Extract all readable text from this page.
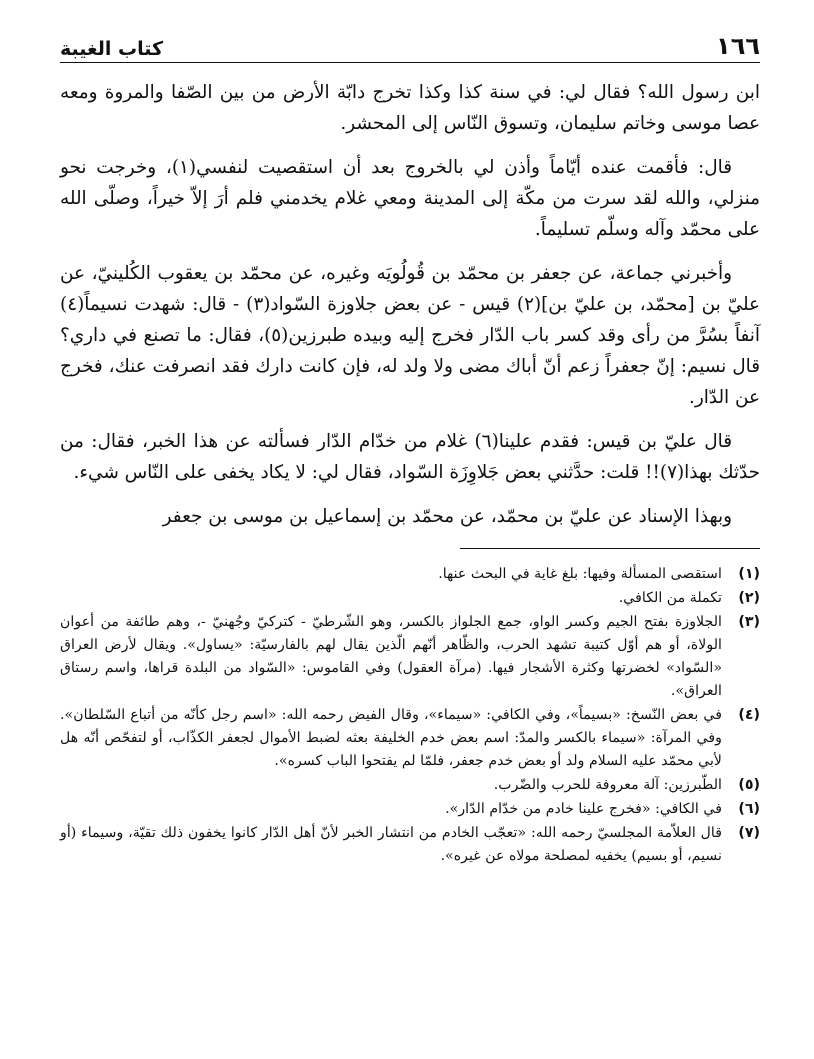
١٦٦
كتاب الغيبة

ابن رسول الله؟ فقال لي: في سنة كذا وكذا تخرج دابّة الأرض من بين الصّفا والمروة ومعه عصا موسى وخاتم سليمان، وتسوق النّاس إلى المحشر.

قال: فأقمت عنده أيّاماً وأذن لي بالخروج بعد أن استقصيت لنفسي(١)، وخرجت نحو منزلي، والله لقد سرت من مكّة إلى المدينة ومعي غلام يخدمني فلم أرَ إلاّ خيراً، وصلّى الله على محمّد وآله وسلّم تسليماً.

وأخبرني جماعة، عن جعفر بن محمّد بن قُولُويَه وغيره، عن محمّد بن يعقوب الكُلينيّ، عن عليّ بن [محمّد، بن عليّ بن](٢) قيس - عن بعض جلاوزة السّواد(٣) - قال: شهدت نسيماً(٤) آنفاً بسُرَّ من رأى وقد كسر باب الدّار فخرج إليه وبيده طبرزين(٥)، فقال: ما تصنع في داري؟ قال نسيم: إنّ جعفراً زعم أنّ أباك مضى ولا ولد له، فإن كانت دارك فقد انصرفت عنك، فخرج عن الدّار.

قال عليّ بن قيس: فقدم علينا(٦) غلام من خدّام الدّار فسألته عن هذا الخبر، فقال: من حدّثك بهذا(٧)!! قلت: حدَّثني بعض جَلاوِزَة السّواد، فقال لي: لا يكاد يخفى على النّاس شيء.

وبهذا الإسناد عن عليّ بن محمّد، عن محمّد بن إسماعيل بن موسى بن جعفر

(١)
استقصى المسألة وفيها: بلغ غاية في البحث عنها.
(٢)
تكملة من الكافي.
(٣)
الجلاوزة بفتح الجيم وكسر الواو، جمع الجلواز بالكسر، وهو الشّرطيّ - كتركيّ وجُهنيّ -، وهم طائفة من أعوان الولاة، أو هم أوّل كتيبة تشهد الحرب، والظّاهر أنّهم الّذين يقال لهم بالفارسيّة: «يساول». ويقال لأرض العراق «السّواد» لخضرتها وكثرة الأشجار فيها. (مرآة العقول) وفي القاموس: «السّواد من البلدة قراها، واسم رستاق العراق».
(٤)
في بعض النّسخ: «بسيماً»، وفي الكافي: «سيماء»، وقال الفيض رحمه الله: «اسم رجل كأنّه من أتباع السّلطان». وفي المرآة: «سيماء بالكسر والمدّ: اسم بعض خدم الخليفة بعثه لضبط الأموال لجعفر الكذّاب، أو لتفحّص أنّه هل لأبي محمّد عليه السلام ولد أو بعض خدم جعفر، فلمّا لم يفتحوا الباب كسره».
(٥)
الطّبرزين: آلة معروفة للحرب والضّرب.
(٦)
في الكافي: «فخرج علينا خادم من خدّام الدّار».
(٧)
قال العلاّمة المجلسيّ رحمه الله: «تعجّب الخادم من انتشار الخبر لأنّ أهل الدّار كانوا يخفون ذلك تقيّة، وسيماء (أو نسيم، أو بسيم) يخفيه لمصلحة مولاه عن غيره».
